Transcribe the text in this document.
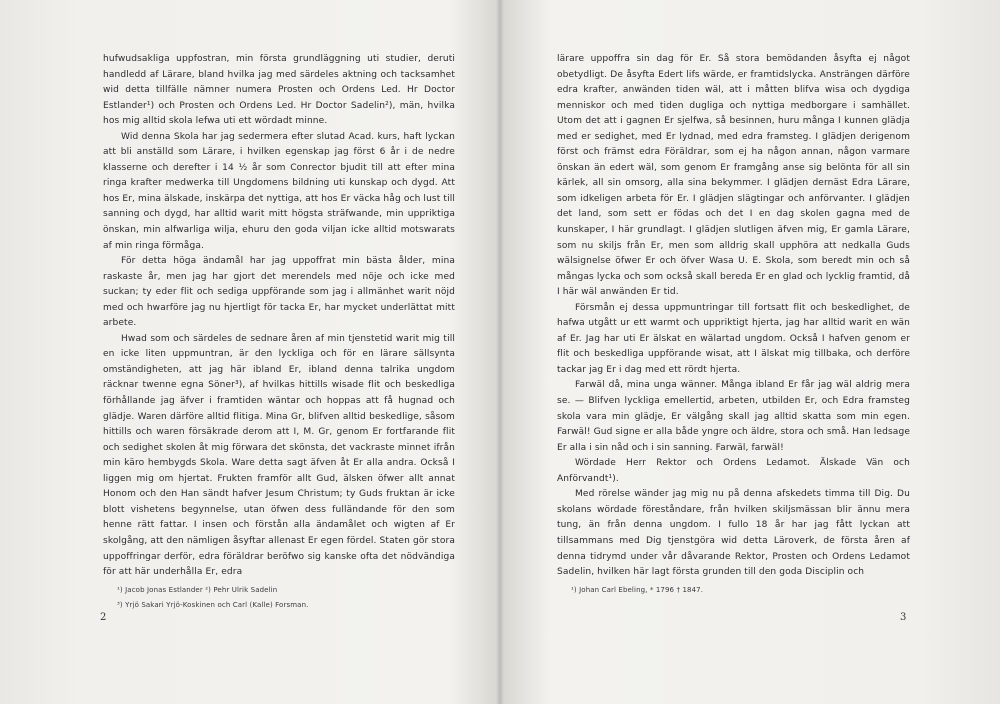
hufwudsakliga uppfostran, min första grundläggning uti studier, deruti handledd af Lärare, bland hvilka jag med särdeles aktning och tacksamhet wid detta tillfälle nämner numera Prosten och Ordens Led. Hr Doctor Estlander¹) och Prosten och Ordens Led. Hr Doctor Sadelin²), män, hvilka hos mig alltid skola lefwa uti ett wördadt minne.

Wid denna Skola har jag sedermera efter slutad Acad. kurs, haft lyckan att bli anställd som Lärare, i hvilken egenskap jag först 6 år i de nedre klasserne och derefter i 14 ½ år som Conrector bjudit till att efter mina ringa krafter medwerka till Ungdomens bildning uti kunskap och dygd. Att hos Er, mina älskade, inskärpa det nyttiga, att hos Er väcka håg och lust till sanning och dygd, har alltid warit mitt högsta sträfwande, min uppriktiga önskan, min alfwarliga wilja, ehuru den goda viljan icke alltid motswarats af min ringa förmåga.

För detta höga ändamål har jag uppoffrat min bästa ålder, mina raskaste år, men jag har gjort det merendels med nöje och icke med suckan; ty eder flit och sediga uppförande som jag i allmänhet warit nöjd med och hwarföre jag nu hjertligt för tacka Er, har mycket underlättat mitt arbete.

Hwad som och särdeles de sednare åren af min tjenstetid warit mig till en icke liten uppmuntran, är den lyckliga och för en lärare sällsynta omständigheten, att jag här ibland Er, ibland denna talrika ungdom räcknar twenne egna Söner³), af hvilkas hittills wisade flit och beskedliga förhållande jag äfver i framtiden wäntar och hoppas att få hugnad och glädje. Waren därföre alltid flitiga. Mina Gr, blifven alltid beskedlige, såsom hittills och waren försäkrade derom att I, M. Gr, genom Er fortfarande flit och sedighet skolen åt mig förwara det skönsta, det vackraste minnet ifrån min käro hembygds Skola. Ware detta sagt äfven åt Er alla andra. Också I liggen mig om hjertat. Frukten framför allt Gud, älsken öfwer allt annat Honom och den Han sändt hafver Jesum Christum; ty Guds fruktan är icke blott vishetens begynnelse, utan öfwen dess fulländande för den som henne rätt fattar. I insen och förstån alla ändamålet och wigten af Er skolgång, att den nämligen åsyftar allenast Er egen fördel. Staten gör stora uppoffringar derför, edra föräldrar beröfwo sig kanske ofta det nödvändiga för att här underhålla Er, edra

¹) Jacob Jonas Estlander ²) Pehr Ulrik Sadelin

³) Yrjö Sakari Yrjö-Koskinen och Carl (Kalle) Forsman.

2

lärare uppoffra sin dag för Er. Så stora bemödanden åsyfta ej något obetydligt. De åsyfta Edert lifs wärde, er framtidslycka. Ansträngen därföre edra krafter, anwänden tiden wäl, att i måtten blifva wisa och dygdiga menniskor och med tiden dugliga och nyttiga medborgare i samhället. Utom det att i gagnen Er sjelfwa, så besinnen, huru många I kunnen glädja med er sedighet, med Er lydnad, med edra framsteg. I glädjen derigenom först och främst edra Föräldrar, som ej ha någon annan, någon varmare önskan än edert wäl, som genom Er framgång anse sig belönta för all sin kärlek, all sin omsorg, alla sina bekymmer. I glädjen dernäst Edra Lärare, som idkeligen arbeta för Er. I glädjen slägtingar och anförvanter. I glädjen det land, som sett er födas och det I en dag skolen gagna med de kunskaper, I här grundlagt. I glädjen slutligen äfven mig, Er gamla Lärare, som nu skiljs från Er, men som alldrig skall upphöra att nedkalla Guds wälsignelse öfwer Er och öfver Wasa U. E. Skola, som beredt min och så mångas lycka och som också skall bereda Er en glad och lycklig framtid, då I här wäl anwänden Er tid.

Försmån ej dessa uppmuntringar till fortsatt flit och beskedlighet, de hafwa utgått ur ett warmt och uppriktigt hjerta, jag har alltid warit en wän af Er. Jag har uti Er älskat en wälartad ungdom. Också I hafven genom er flit och beskedliga uppförande wisat, att I älskat mig tillbaka, och derföre tackar jag Er i dag med ett rördt hjerta.

Farwäl då, mina unga wänner. Många ibland Er får jag wäl aldrig mera se. — Blifven lyckliga emellertid, arbeten, utbilden Er, och Edra framsteg skola vara min glädje, Er välgång skall jag alltid skatta som min egen. Farwäl! Gud signe er alla både yngre och äldre, stora och små. Han ledsage Er alla i sin nåd och i sin sanning. Farwäl, farwäl!

Wördade Herr Rektor och Ordens Ledamot. Älskade Vän och Anförvandt¹).

Med rörelse wänder jag mig nu på denna afskedets timma till Dig. Du skolans wördade föreståndare, från hvilken skiljsmässan blir ännu mera tung, än från denna ungdom. I fullo 18 år har jag fått lyckan att tillsammans med Dig tjenstgöra wid detta Läroverk, de första åren af denna tidrymd under vår dåvarande Rektor, Prosten och Ordens Ledamot Sadelin, hvilken här lagt första grunden till den goda Disciplin och

¹) Johan Carl Ebeling, * 1796 † 1847.

3
